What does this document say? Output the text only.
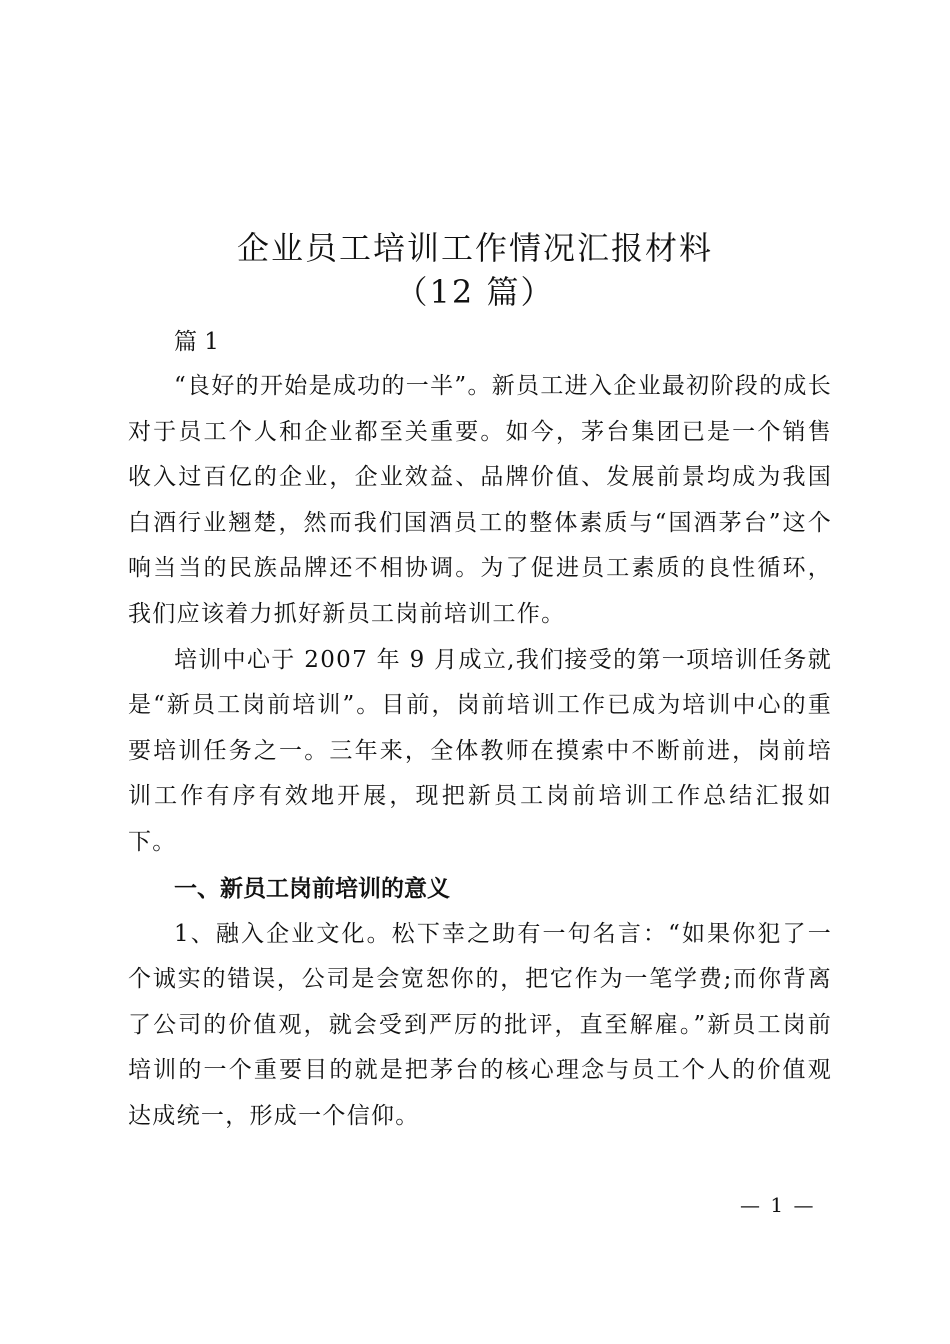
企业员工培训工作情况汇报材料
（12 篇）

篇 1

“良好的开始是成功的一半”。新员工进入企业最初阶段的成长对于员工个人和企业都至关重要。如今，茅台集团已是一个销售收入过百亿的企业，企业效益、品牌价值、发展前景均成为我国白酒行业翘楚，然而我们国酒员工的整体素质与“国酒茅台”这个响当当的民族品牌还不相协调。为了促进员工素质的良性循环，我们应该着力抓好新员工岗前培训工作。

培训中心于 2007 年 9 月成立,我们接受的第一项培训任务就是“新员工岗前培训”。目前，岗前培训工作已成为培训中心的重要培训任务之一。三年来，全体教师在摸索中不断前进，岗前培训工作有序有效地开展，现把新员工岗前培训工作总结汇报如下。

一、新员工岗前培训的意义

1、融入企业文化。松下幸之助有一句名言：“如果你犯了一个诚实的错误，公司是会宽恕你的，把它作为一笔学费;而你背离了公司的价值观，就会受到严厉的批评，直至解雇。”新员工岗前培训的一个重要目的就是把茅台的核心理念与员工个人的价值观达成统一，形成一个信仰。

— 1 —
